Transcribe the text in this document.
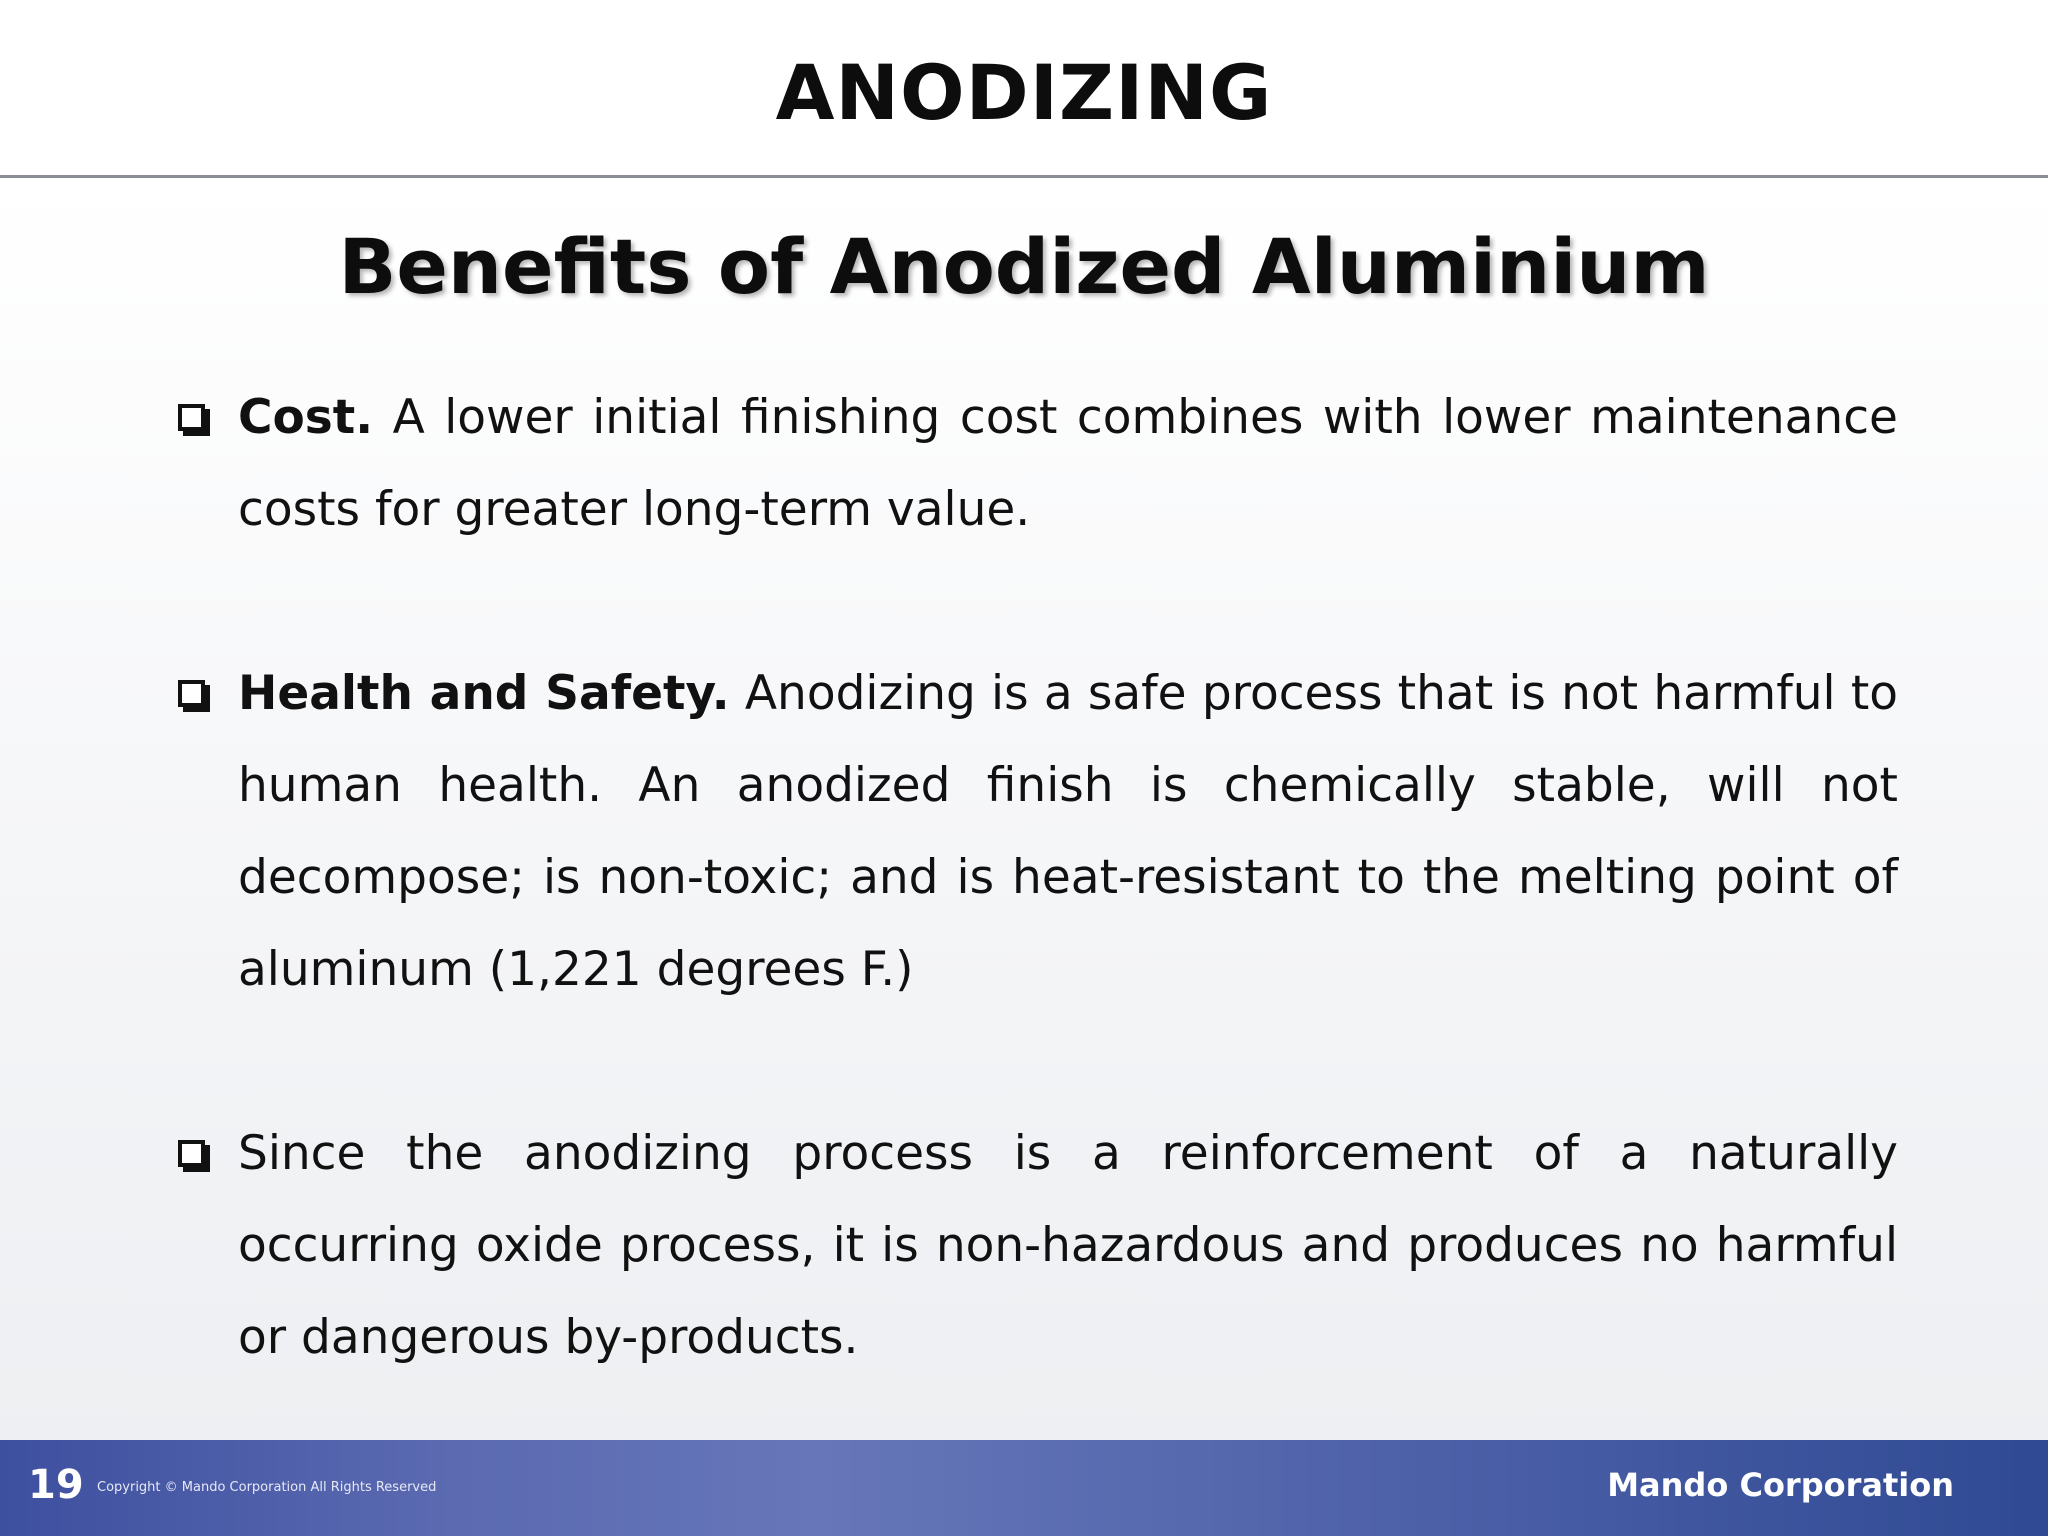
ANODIZING
Benefits of Anodized Aluminium
Cost. A lower initial finishing cost combines with lower maintenance costs for greater long-term value.
Health and Safety. Anodizing is a safe process that is not harmful to human health. An anodized finish is chemically stable, will not decompose; is non-toxic; and is heat-resistant to the melting point of aluminum (1,221 degrees F.)
Since the anodizing process is a reinforcement of a naturally occurring oxide process, it is non-hazardous and produces no harmful or dangerous by-products.
19 Copyright © Mando Corporation All Rights Reserved	Mando Corporation
